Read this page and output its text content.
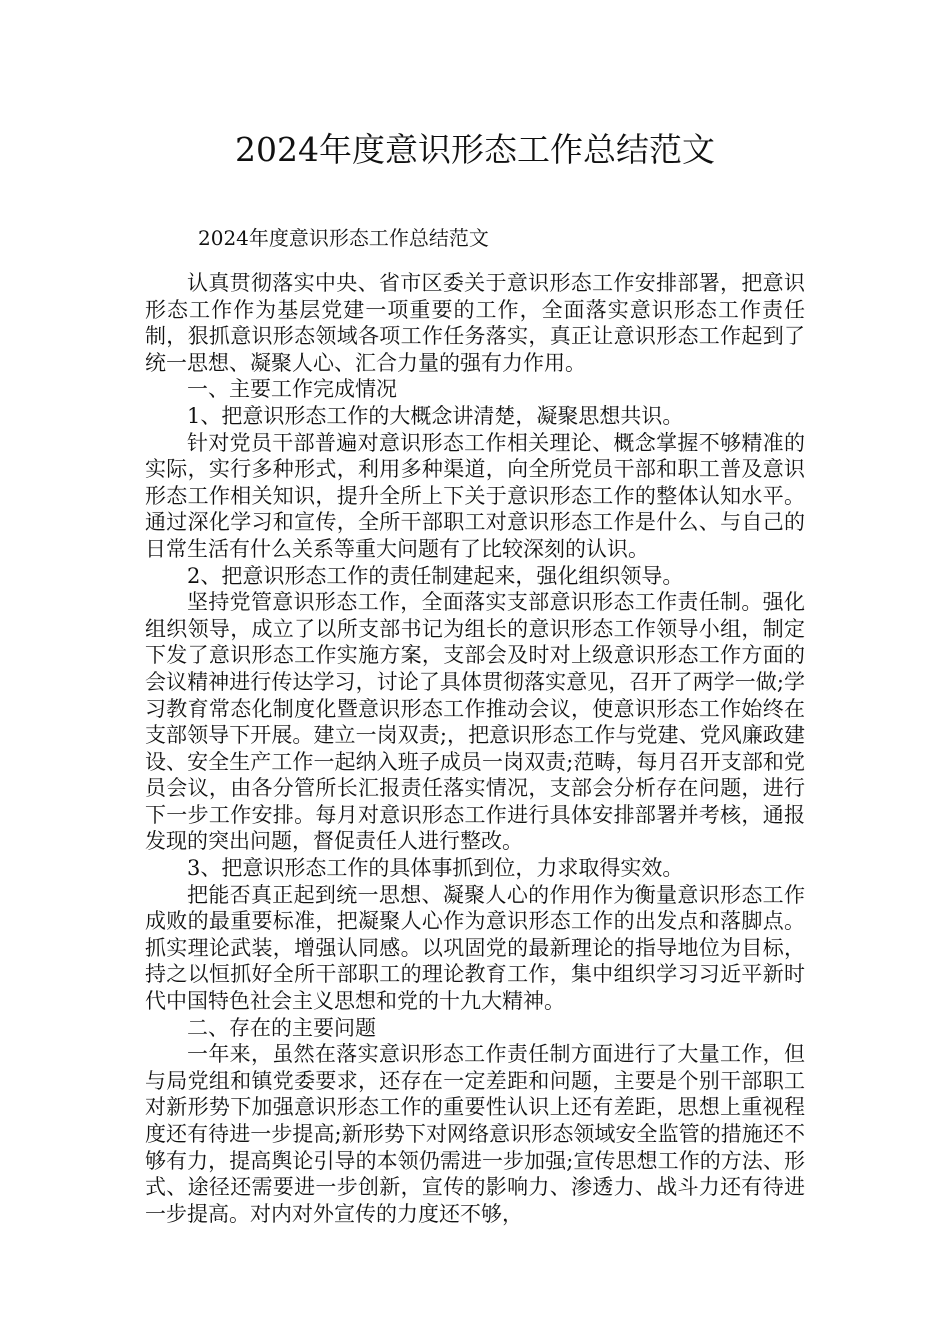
2024年度意识形态工作总结范文

2024年度意识形态工作总结范文

认真贯彻落实中央、省市区委关于意识形态工作安排部署，把意识形态工作作为基层党建一项重要的工作，全面落实意识形态工作责任制，狠抓意识形态领域各项工作任务落实，真正让意识形态工作起到了统一思想、凝聚人心、汇合力量的强有力作用。

一、主要工作完成情况

1、把意识形态工作的大概念讲清楚，凝聚思想共识。

针对党员干部普遍对意识形态工作相关理论、概念掌握不够精准的实际，实行多种形式，利用多种渠道，向全所党员干部和职工普及意识形态工作相关知识，提升全所上下关于意识形态工作的整体认知水平。通过深化学习和宣传，全所干部职工对意识形态工作是什么、与自己的日常生活有什么关系等重大问题有了比较深刻的认识。

2、把意识形态工作的责任制建起来，强化组织领导。

坚持党管意识形态工作，全面落实支部意识形态工作责任制。强化组织领导，成立了以所支部书记为组长的意识形态工作领导小组，制定下发了意识形态工作实施方案，支部会及时对上级意识形态工作方面的会议精神进行传达学习，讨论了具体贯彻落实意见，召开了两学一做;学习教育常态化制度化暨意识形态工作推动会议，使意识形态工作始终在支部领导下开展。建立一岗双责;，把意识形态工作与党建、党风廉政建设、安全生产工作一起纳入班子成员一岗双责;范畴，每月召开支部和党员会议，由各分管所长汇报责任落实情况，支部会分析存在问题，进行下一步工作安排。每月对意识形态工作进行具体安排部署并考核，通报发现的突出问题，督促责任人进行整改。

3、把意识形态工作的具体事抓到位，力求取得实效。

把能否真正起到统一思想、凝聚人心的作用作为衡量意识形态工作成败的最重要标准，把凝聚人心作为意识形态工作的出发点和落脚点。抓实理论武装，增强认同感。以巩固党的最新理论的指导地位为目标，持之以恒抓好全所干部职工的理论教育工作，集中组织学习习近平新时代中国特色社会主义思想和党的十九大精神。

二、存在的主要问题

一年来，虽然在落实意识形态工作责任制方面进行了大量工作，但与局党组和镇党委要求，还存在一定差距和问题，主要是个别干部职工对新形势下加强意识形态工作的重要性认识上还有差距，思想上重视程度还有待进一步提高;新形势下对网络意识形态领域安全监管的措施还不够有力，提高舆论引导的本领仍需进一步加强;宣传思想工作的方法、形式、途径还需要进一步创新，宣传的影响力、渗透力、战斗力还有待进一步提高。对内对外宣传的力度还不够，
